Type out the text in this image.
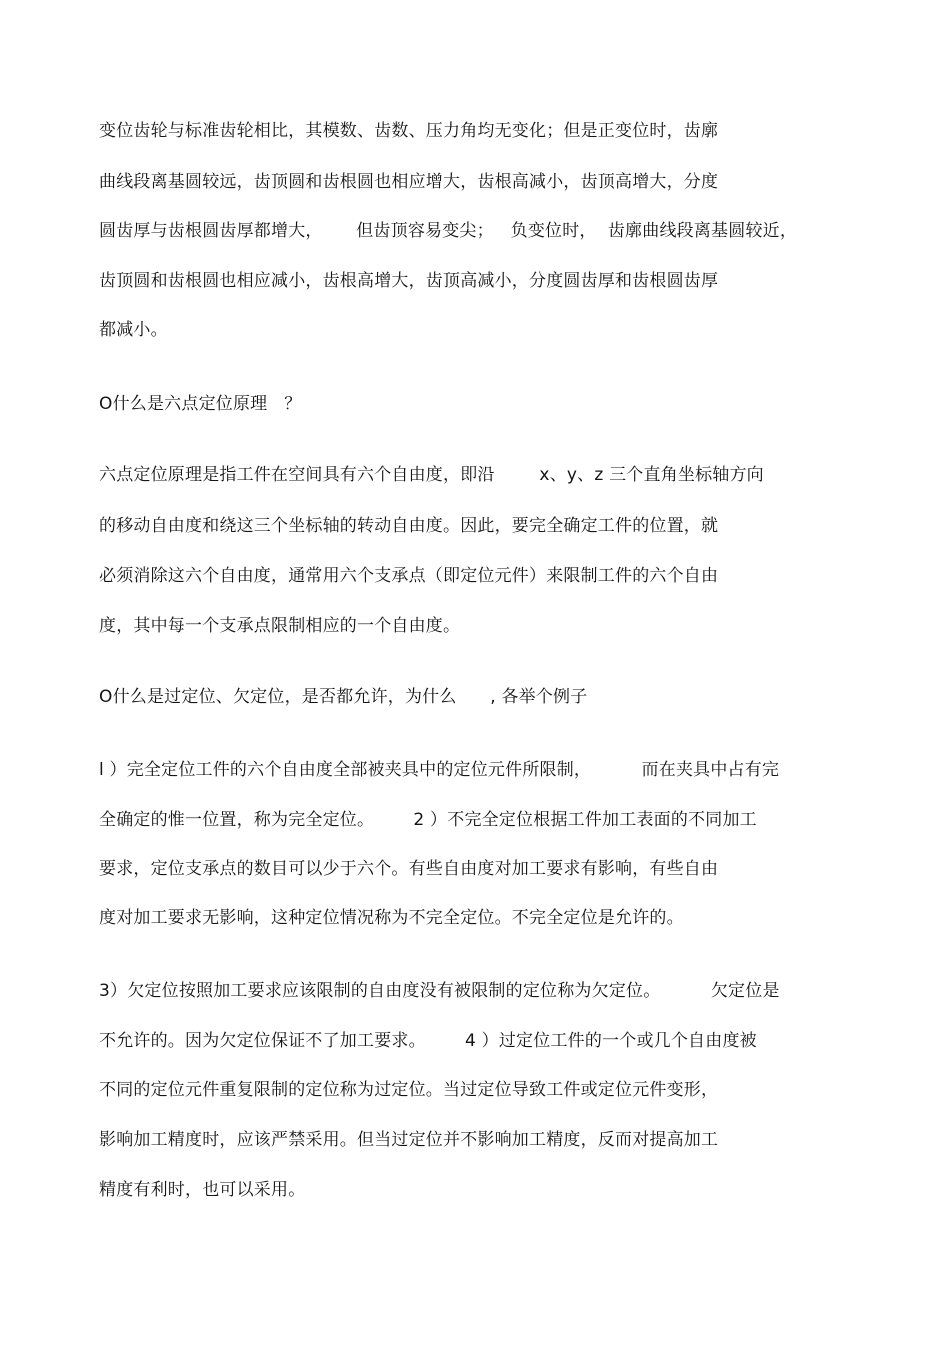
变位齿轮与标准齿轮相比，其模数、齿数、压力角均无变化；但是正变位时，齿廓
曲线段离基圆较远，齿顶圆和齿根圆也相应增大，齿根高减小，齿顶高增大，分度
圆齿厚与齿根圆齿厚都增大，      但齿顶容易变尖；   负变位时，  齿廓曲线段离基圆较近，
齿顶圆和齿根圆也相应减小，齿根高增大，齿顶高减小，分度圆齿厚和齿根圆齿厚
都减小。
O什么是六点定位原理   ？
六点定位原理是指工件在空间具有六个自由度，即沿        x、y、z 三个直角坐标轴方向
的移动自由度和绕这三个坐标轴的转动自由度。因此，要完全确定工件的位置，就
必须消除这六个自由度，通常用六个支承点（即定位元件）来限制工件的六个自由
度，其中每一个支承点限制相应的一个自由度。
O什么是过定位、欠定位，是否都允许，为什么      , 各举个例子
l ）完全定位工件的六个自由度全部被夹具中的定位元件所限制，         而在夹具中占有完
全确定的惟一位置，称为完全定位。       2 ）不完全定位根据工件加工表面的不同加工
要求，定位支承点的数目可以少于六个。有些自由度对加工要求有影响，有些自由
度对加工要求无影响，这种定位情况称为不完全定位。不完全定位是允许的。
3）欠定位按照加工要求应该限制的自由度没有被限制的定位称为欠定位。         欠定位是
不允许的。因为欠定位保证不了加工要求。       4 ）过定位工件的一个或几个自由度被
不同的定位元件重复限制的定位称为过定位。当过定位导致工件或定位元件变形，
影响加工精度时，应该严禁采用。但当过定位并不影响加工精度，反而对提高加工
精度有利时，也可以采用。
